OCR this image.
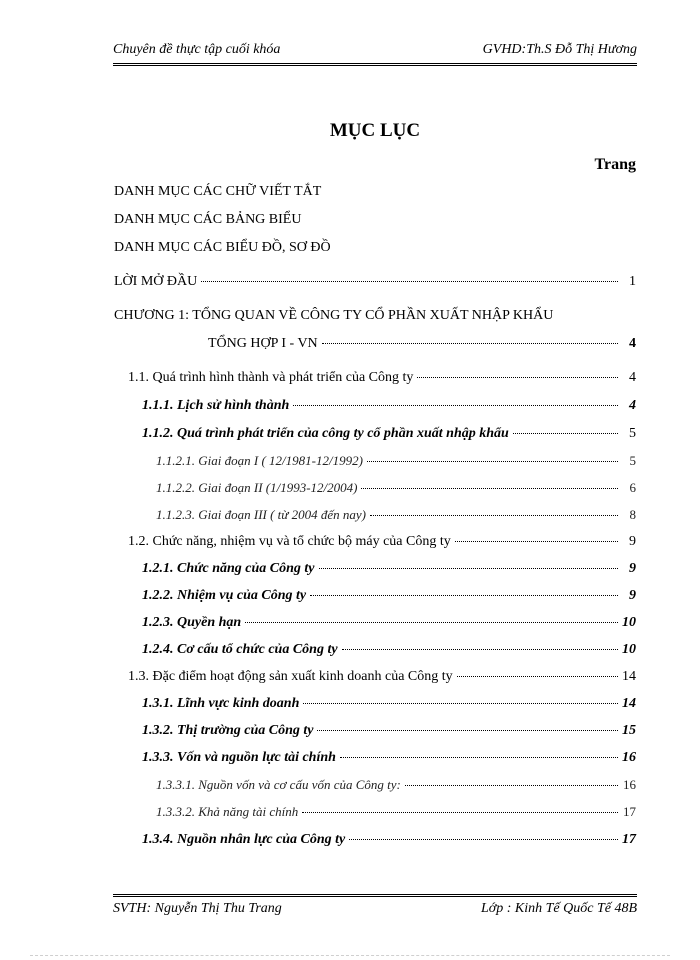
Chuyên đề thực tập cuối khóa	GVHD:Th.S Đỗ Thị Hương
MỤC LỤC
Trang
DANH MỤC CÁC CHỮ VIẾT TẮT
DANH MỤC CÁC BẢNG BIỂU
DANH MỤC CÁC BIỂU ĐỒ, SƠ ĐỒ
LỜI MỞ ĐẦU	1
CHƯƠNG 1: TỔNG QUAN VỀ CÔNG TY CỔ PHẦN XUẤT NHẬP KHẨU
TỔNG HỢP I - VN	4
1.1. Quá trình hình thành và phát triển của Công ty	4
1.1.1. Lịch sử hình thành	4
1.1.2. Quá trình phát triển của công ty cổ phần xuất nhập khẩu	5
1.1.2.1. Giai đoạn I ( 12/1981-12/1992)	5
1.1.2.2. Giai đoạn II (1/1993-12/2004)	6
1.1.2.3. Giai đoạn III ( từ 2004 đến nay)	8
1.2. Chức năng, nhiệm vụ và tổ chức bộ máy của Công ty	9
1.2.1. Chức năng của Công ty	9
1.2.2. Nhiệm vụ của Công ty	9
1.2.3. Quyền hạn	10
1.2.4. Cơ cấu tổ chức của Công ty	10
1.3. Đặc điểm hoạt động sản xuất kinh doanh của Công ty	14
1.3.1. Lĩnh vực kinh doanh	14
1.3.2. Thị trường của Công ty	15
1.3.3. Vốn và nguồn lực tài chính	16
1.3.3.1. Nguồn vốn và cơ cấu vốn của Công ty:	16
1.3.3.2. Khả năng tài chính	17
1.3.4. Nguồn nhân lực của Công ty	17
SVTH: Nguyễn Thị Thu Trang	Lớp : Kinh Tế Quốc Tế 48B
